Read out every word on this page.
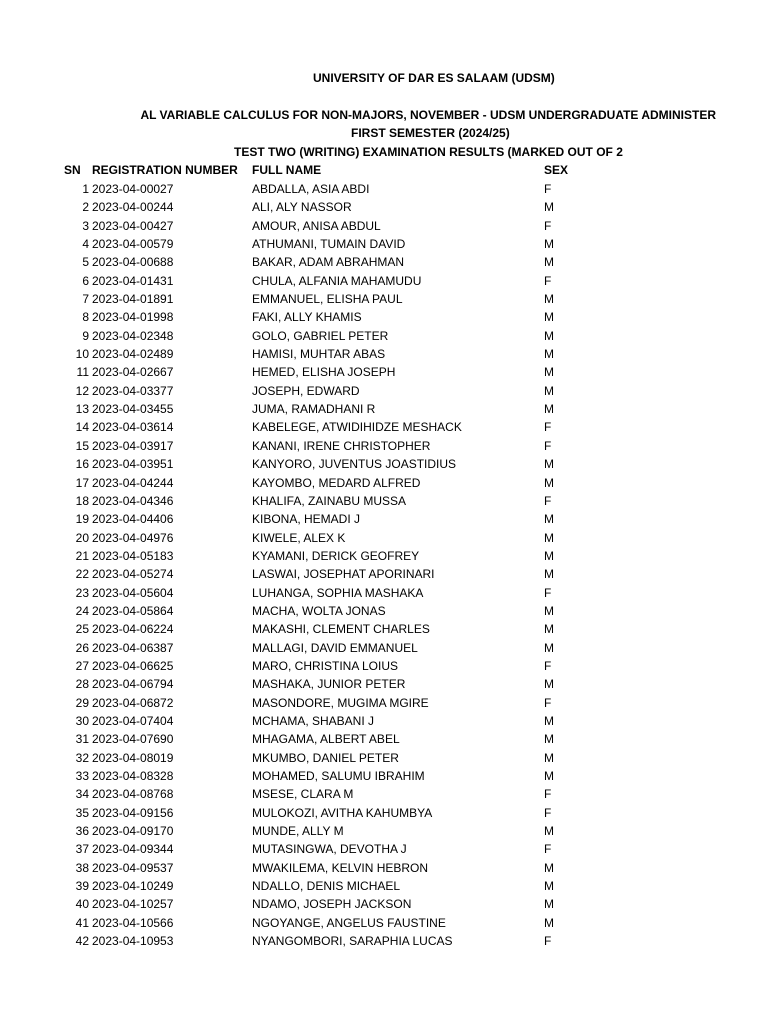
UNIVERSITY OF DAR ES SALAAM (UDSM)
AL VARIABLE CALCULUS FOR NON-MAJORS, NOVEMBER - UDSM UNDERGRADUATE ADMINISTER
FIRST SEMESTER (2024/25)
TEST TWO (WRITING) EXAMINATION RESULTS (MARKED OUT OF 2
SN REGISTRATION NUMBER FULL NAME	SEX
1 2023-04-00027	ABDALLA, ASIA ABDI	F
2 2023-04-00244	ALI, ALY NASSOR	M
3 2023-04-00427	AMOUR, ANISA ABDUL	F
4 2023-04-00579	ATHUMANI, TUMAIN DAVID	M
5 2023-04-00688	BAKAR, ADAM ABRAHMAN	M
6 2023-04-01431	CHULA, ALFANIA MAHAMUDU	F
7 2023-04-01891	EMMANUEL, ELISHA PAUL	M
8 2023-04-01998	FAKI, ALLY KHAMIS	M
9 2023-04-02348	GOLO, GABRIEL PETER	M
10 2023-04-02489	HAMISI, MUHTAR ABAS	M
11 2023-04-02667	HEMED, ELISHA JOSEPH	M
12 2023-04-03377	JOSEPH, EDWARD	M
13 2023-04-03455	JUMA, RAMADHANI R	M
14 2023-04-03614	KABELEGE, ATWIDIHIDZE MESHACK	F
15 2023-04-03917	KANANI, IRENE CHRISTOPHER	F
16 2023-04-03951	KANYORO, JUVENTUS JOASTIDIUS	M
17 2023-04-04244	KAYOMBO, MEDARD ALFRED	M
18 2023-04-04346	KHALIFA, ZAINABU MUSSA	F
19 2023-04-04406	KIBONA, HEMADI J	M
20 2023-04-04976	KIWELE, ALEX K	M
21 2023-04-05183	KYAMANI, DERICK GEOFREY	M
22 2023-04-05274	LASWAI, JOSEPHAT APORINARI	M
23 2023-04-05604	LUHANGA, SOPHIA MASHAKA	F
24 2023-04-05864	MACHA, WOLTA JONAS	M
25 2023-04-06224	MAKASHI, CLEMENT CHARLES	M
26 2023-04-06387	MALLAGI, DAVID EMMANUEL	M
27 2023-04-06625	MARO, CHRISTINA LOIUS	F
28 2023-04-06794	MASHAKA, JUNIOR PETER	M
29 2023-04-06872	MASONDORE, MUGIMA MGIRE	F
30 2023-04-07404	MCHAMA, SHABANI J	M
31 2023-04-07690	MHAGAMA, ALBERT ABEL	M
32 2023-04-08019	MKUMBO, DANIEL PETER	M
33 2023-04-08328	MOHAMED, SALUMU IBRAHIM	M
34 2023-04-08768	MSESE, CLARA M	F
35 2023-04-09156	MULOKOZI, AVITHA KAHUMBYA	F
36 2023-04-09170	MUNDE, ALLY M	M
37 2023-04-09344	MUTASINGWA, DEVOTHA J	F
38 2023-04-09537	MWAKILEMA, KELVIN HEBRON	M
39 2023-04-10249	NDALLO, DENIS MICHAEL	M
40 2023-04-10257	NDAMO, JOSEPH JACKSON	M
41 2023-04-10566	NGOYANGE, ANGELUS FAUSTINE	M
42 2023-04-10953	NYANGOMBORI, SARAPHIA LUCAS	F
